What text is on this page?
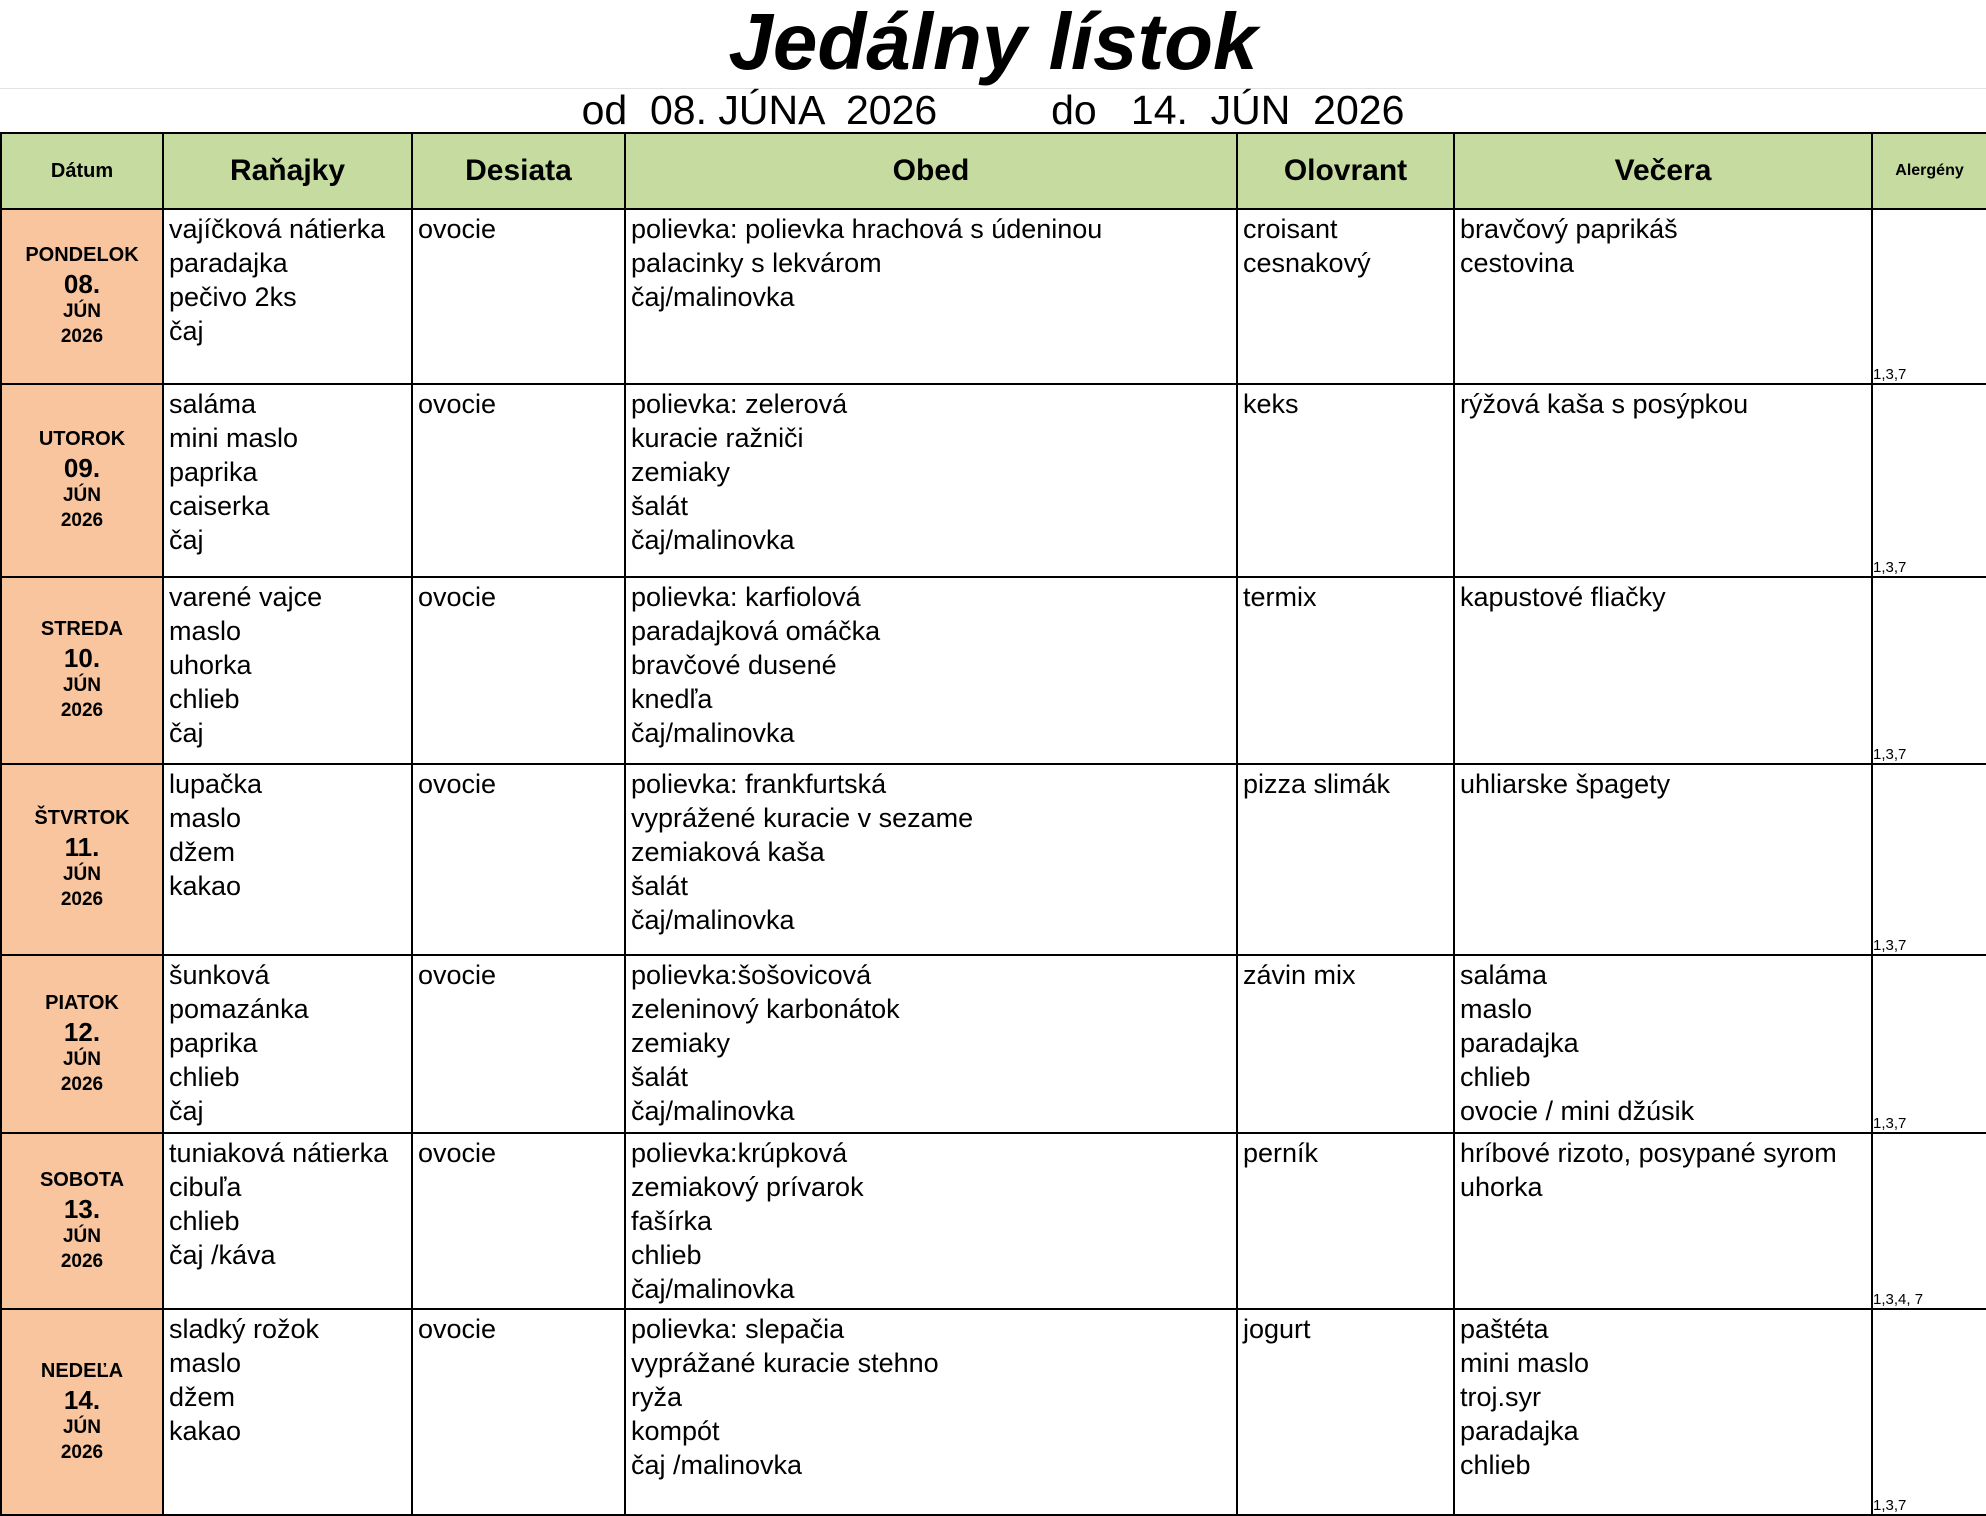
Jedálny lístok
od 08. JÚNA  2026	do 14.  JÚN  2026
Dátum	Raňajky	Desiata	Obed	Olovrant	Večera	Alergény

PONDELOK
08.
JÚN
2026	vajíčková nátierka
paradajka
pečivo 2ks
čaj	ovocie	polievka: polievka hrachová s údeninou
palacinky s lekvárom
čaj/malinovka	croisant
cesnakový	bravčový paprikáš
cestovina	1,3,7

UTOROK
09.
JÚN
2026	saláma
mini maslo
paprika
caiserka
čaj	ovocie	polievka: zelerová
kuracie ražniči
zemiaky
šalát
čaj/malinovka	keks	rýžová kaša s posýpkou	1,3,7

STREDA
10.
JÚN
2026	varené vajce
maslo
uhorka
chlieb
čaj	ovocie	polievka: karfiolová
paradajková omáčka
bravčové dusené
knedľa
čaj/malinovka	termix	kapustové fliačky	1,3,7

ŠTVRTOK
11.
JÚN
2026	lupačka
maslo
džem
kakao	ovocie	polievka: frankfurtská
vyprážené kuracie v sezame
zemiaková kaša
šalát
čaj/malinovka	pizza slimák	uhliarske špagety	1,3,7

PIATOK
12.
JÚN
2026	šunková
pomazánka
paprika
chlieb
čaj	ovocie	polievka:šošovicová
zeleninový karbonátok
zemiaky
šalát
čaj/malinovka	závin mix	saláma
maslo
paradajka
chlieb
ovocie / mini džúsik	1,3,7

SOBOTA
13.
JÚN
2026	tuniaková nátierka
cibuľa
chlieb
čaj /káva	ovocie	polievka:krúpková
zemiakový prívarok
fašírka
chlieb
čaj/malinovka	perník	hríbové rizoto, posypané syrom
uhorka	1,3,4, 7

NEDEĽA
14.
JÚN
2026	sladký rožok
maslo
džem
kakao	ovocie	polievka: slepačia
vyprážané kuracie stehno
ryža
kompót
čaj /malinovka	jogurt	paštéta
mini maslo
troj.syr
paradajka
chlieb	1,3,7
